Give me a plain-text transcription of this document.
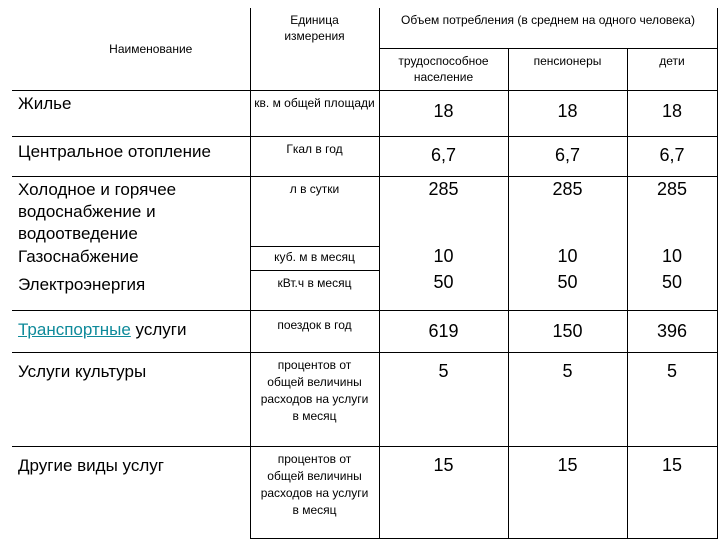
Наименование	Единица измерения	Объем потребления (в среднем на одного человека)		
		трудоспособное население	пенсионеры	дети
Жилье	кв. м общей площади	18	18	18
Центральное отопление	Гкал в год	6,7	6,7	6,7
Холодное и горячее водоснабжение и водоотведение	л в сутки	285	285	285
Газоснабжение	куб. м в месяц	10	10	10
Электроэнергия	кВт.ч в месяц	50	50	50
Транспортные услуги	поездок в год	619	150	396
Услуги культуры	процентов от общей величины расходов на услуги в месяц	5	5	5
Другие виды услуг	процентов от общей величины расходов на услуги в месяц	15	15	15
